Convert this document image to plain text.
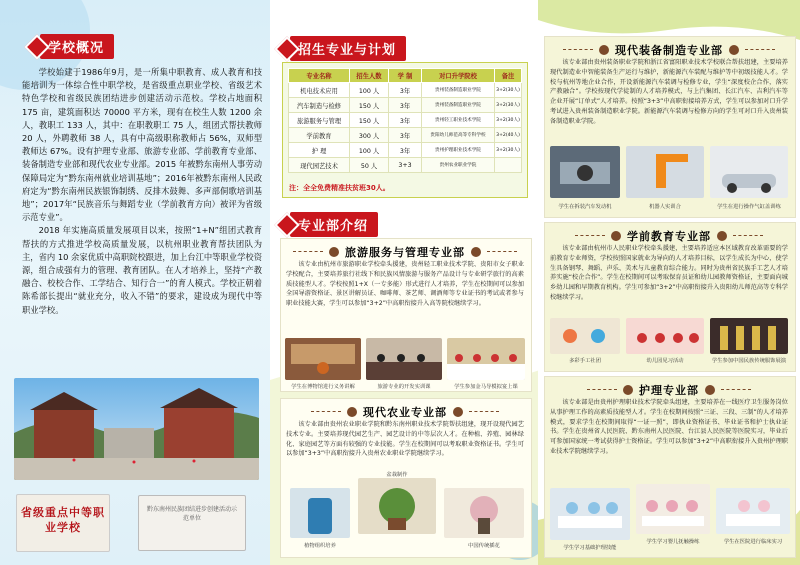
学校概况

学校始建于1986年9月，是一所集中职教育、成人教育和技能培训为一体综合性中职学校，是省级重点职业学校、省级艺术特色学校和省级民族团结进步创建活动示范校。学校占地面积 175 亩，建筑面积达 70000 平方米，现有在校生人数 1200 余人，教职工 133 人，其中：在职教职工 75 人，组团式帮扶教师 20 人，外聘教师 38 人，具有中高级职称教师占 56%，双师型教师达 67%。设有护理专业部、旅游专业部、学前教育专业部、装备制造专业部和现代农业专业部。2015 年被黔东南州人事劳动保障局定为“黔东南州就业培训基地”；2016年被黔东南州人民政府定为“黔东南州民族银饰制绣、反排木鼓舞、多声部侗歌培训基地”；2017年“民族音乐与舞蹈专业（学前教育方向）被评为省级示范专业”。

2018 年实施高质量发展项目以来，按照“1+N”组团式教育帮扶的方式推进学校高质量发展，以杭州职业教育帮扶团队为主，省内 10 余家优质中高职院校跟进，加上台江中等职业学校资源，组合成强有力的管理、教育团队。在人才培养上，坚持“产教融合、校校合作、工学结合、知行合一”的育人模式。学校正朝着陈希部长提出“就业充分，收入不错”的要求，建设成为现代中等职业学校。

省级重点中等职业学校
黔东南州民族团结进步创建活动示范单位
招生专业与计划
专业名称	招生人数	学 制	对口升学院校	备注
机电技术应用	100 人	3年	贵州装备制造职业学院	3+2(30人)
汽车制造与检修	150 人	3年	贵州装备制造职业学院	3+2(30人)
旅游服务与管理	150 人	3年	贵州轻工职业技术学院	3+2(30人)
学前教育	300 人	3年	贵阳幼儿师范高等专科学校	3+2(40人)
护 理	100 人	3年	贵州护理职业技术学院	3+2(30人)
现代园艺技术	50 人	3+3	贵州农业职业学院	
注：全全免费精准扶贫班30人。
专业部介绍
旅游服务与管理专业部

该专业由杭州市旅游职业学校牵头援建，贵州轻工职业技术学院、贵阳市女子职业学校配合，主要培养旅行社线下和民族风情旅游与服务产品设计与专业研学旅行的高素质技能型人才。学校按照1+X（一专多能）形式进行人才培养，学生在校期间可以参加全国导游资格证、景区讲解员证、咖啡师、茶艺师、调酒师等专业证书的考试或者参与职业技能大赛，学生可以参加“3+2”中高职衔接升入高等院校继续学习。

学生在博物馆进行义务讲解	旅游专业的开发实训课	学生参加金马导模拟宴上课
现代农业专业部

该专业部由贵州农业职业学院和黔东南州职业技术学院帮扶组建，现开设现代园艺技术专业。主要培养现代园艺生产、园艺设计的中等层次人才。在种植、养殖、园林绿化、家庭园艺等方面有较强的专业技能。学生在校期间可以考取职业资格证书。学生可以参加“3+3”中高职衔接升入贵州农业职业学院继续学习。

植物组织培养
盆栽制作
中国传统插花
现代装备制造专业部

该专业部由贵州装备职业学院和浙江省富阳职业技术学校联合帮扶组建，主要培养现代制造业中智能装备生产运行与维护，新能源汽车装配与维护等中初级技能人才。学校与杭州等地企业合作，开设新能源汽车装调与检修专业，学生“深度校企合作，落实产教融合”。学校按现代学徒制的人才培养模式，与上汽集团、长江汽车、吉利汽车等企业开展“订单式”人才培养。按照“3+3”中高职衔接培养方式，学生可以参加对口升学考试进入贵州装备制造职业学院。新能源汽车装调与检修方向的学生可对口升入贵州装备制造职业学院。

学生在拆装汽车发动机	机器人实训合	学生在进行操作气缸盖训练
学前教育专业部

该专业部由杭州市人民职业学校牵头援建，主要培养适应本区域教育改革需要的学前教育专业师资，学校按照国家就业为导向的人才培养目标，以学生成长为中心，使学生具备钢琴、舞蹈、声乐、美术与儿童教育综合能力。同时为贵州省民族手工艺人才培养实施“校企合作”。学生在校期间可以考取保育员证和幼儿园教师资格证，主要面向城乡幼儿园和早期教育机构。学生可参加“3+2”中高职衔接升入贵阳幼儿师范高等专科学校继续学习。

多彩手工社团	幼儿园见习活动	学生参加中国民族传统服饰展演
护理专业部

该专业部是由贵州护理职业技术学院牵头组建，主要培养在一线医疗卫生服务岗位从事护理工作的高素质技能型人才。学生在校期间按照“三证、三段、三制”的人才培养模式，要求学生在校期间取得“一证一照”，即执业资格证书、毕业证书和护士执业证书。学生在贵州省人民医院、黔东南州人民医院、台江县人民医院等医院实习，毕业后可参加国家统一考试获得护士资格证。学生可以参加“3+2”中高职衔接升入贵州护理职业技术学院继续学习。

学生学习基础护理技能
学生学习婴儿抚触操练	学生在医院进行临床实习
